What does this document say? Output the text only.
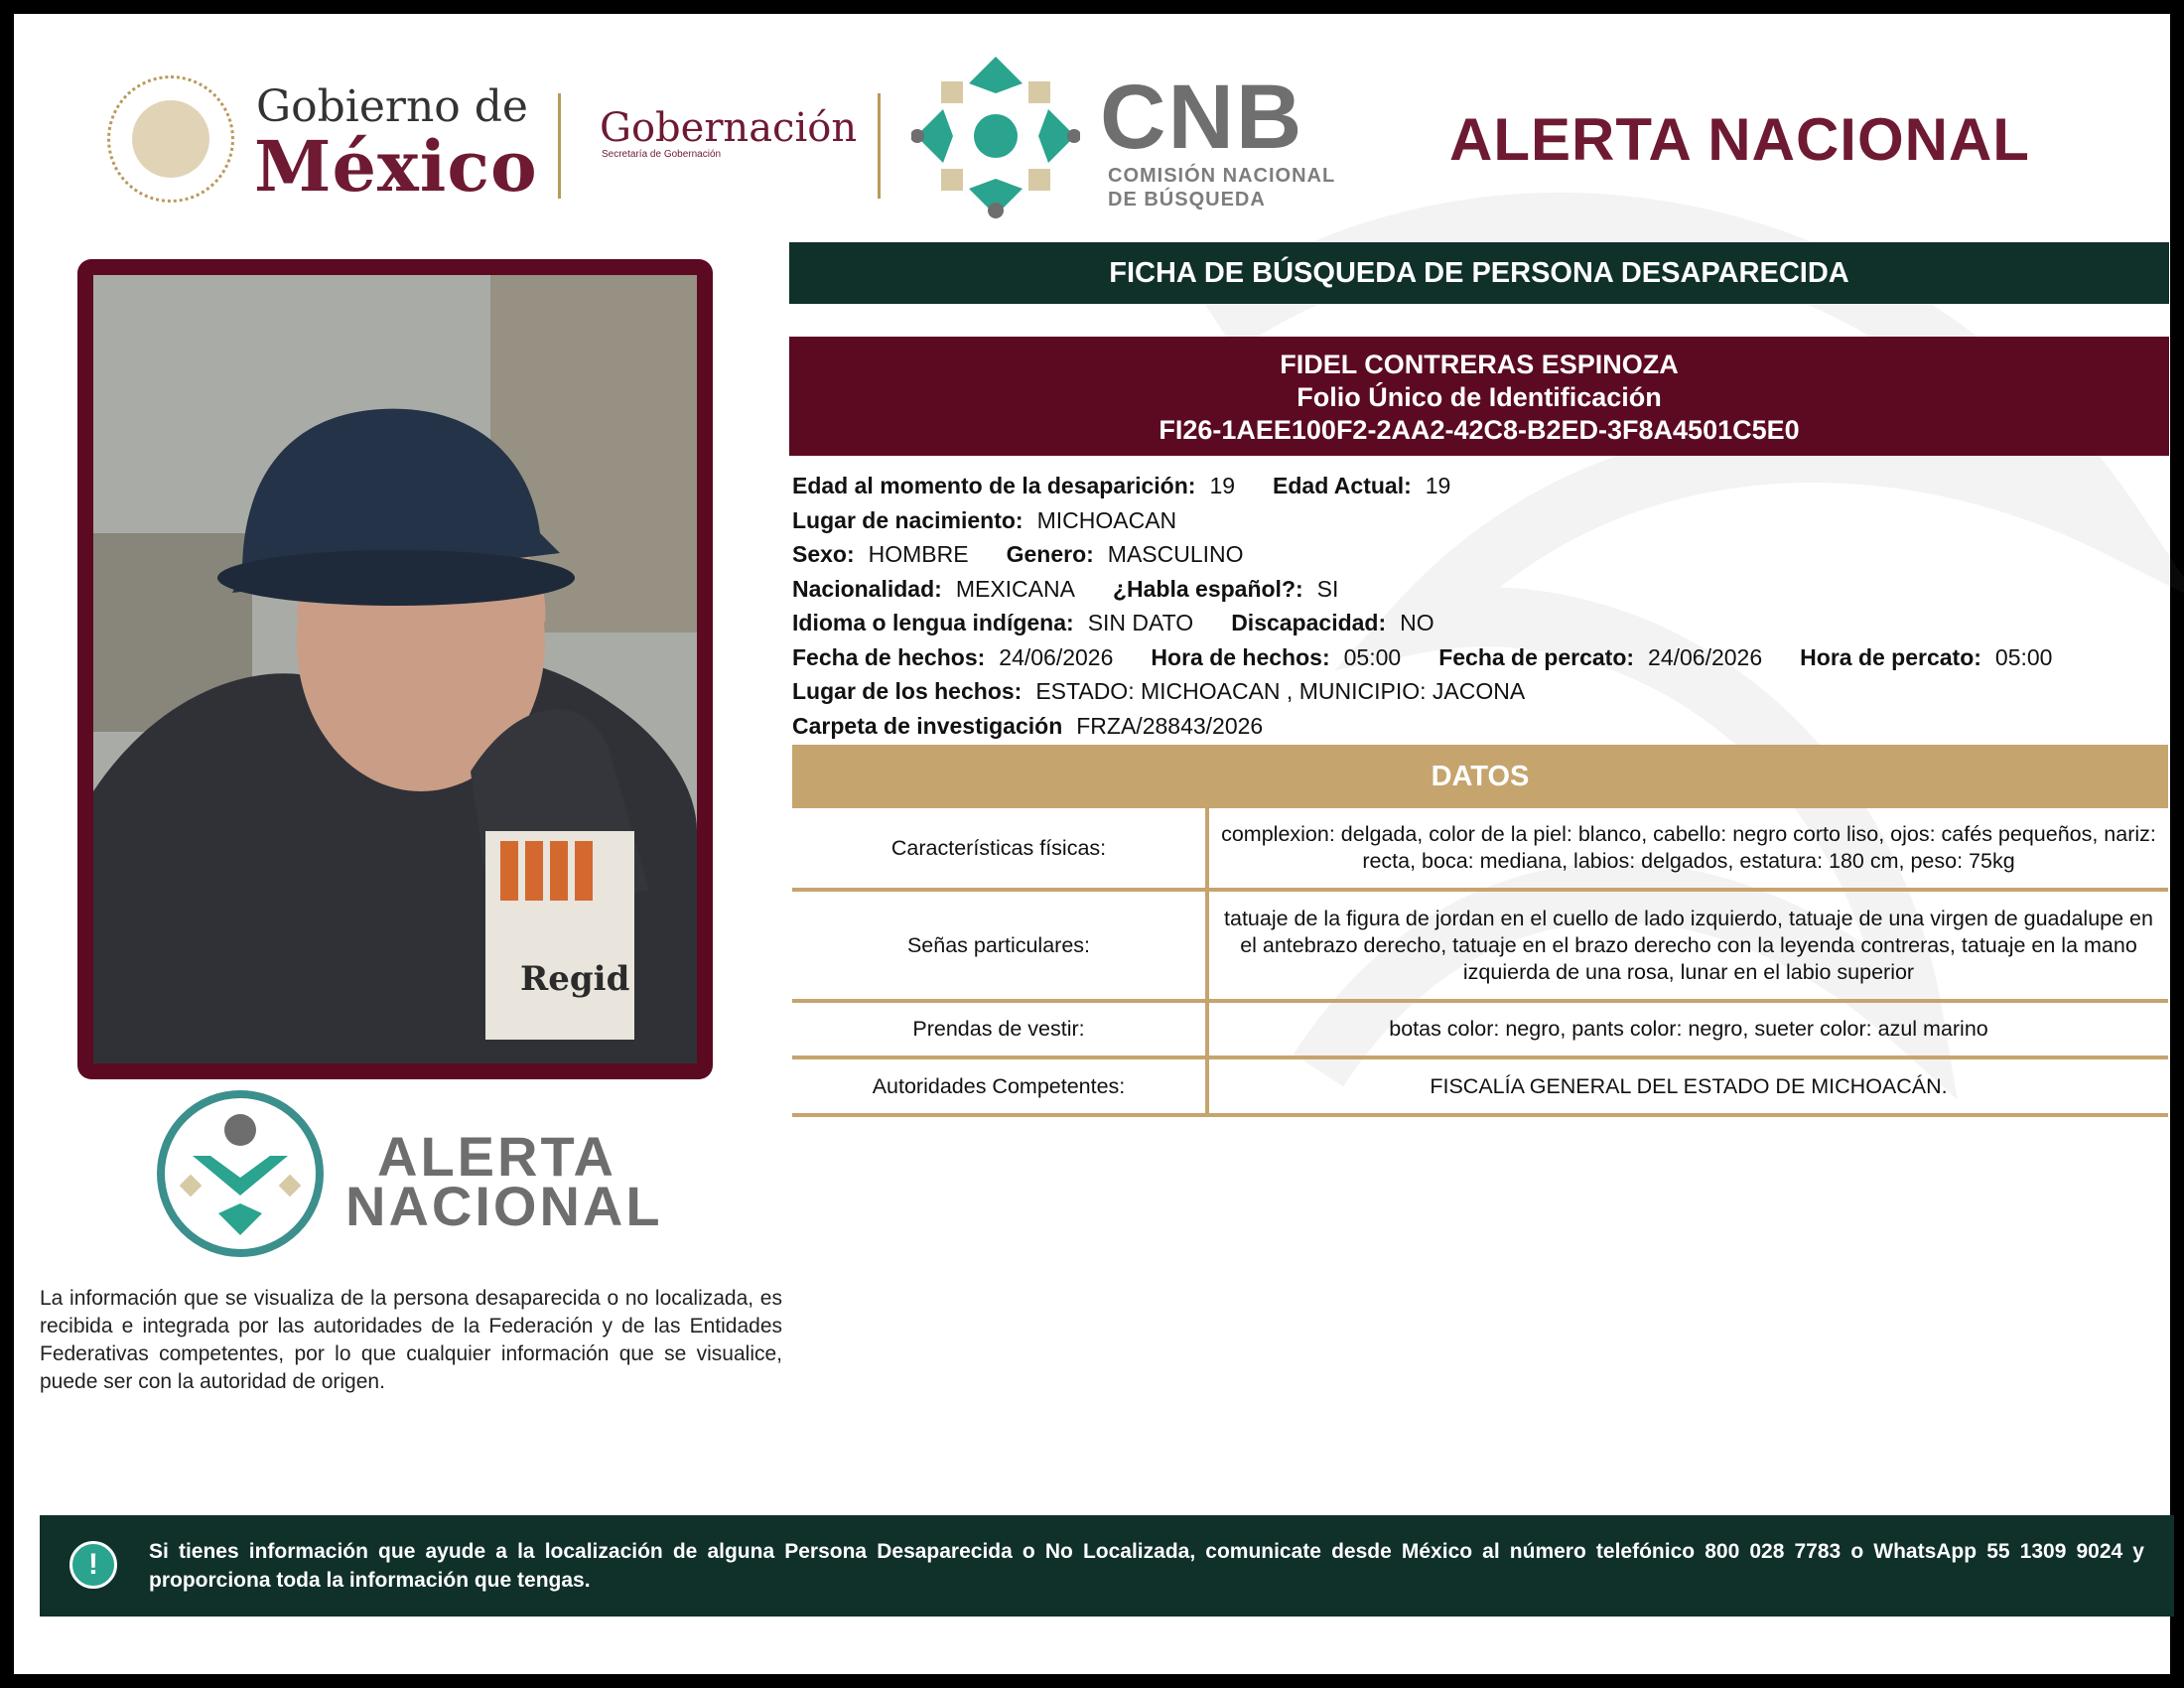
Gobierno de
México Gobernación
Secretaría de Gobernación	CNB
COMISIÓN NACIONAL
DE BÚSQUEDA
ALERTA NACIONAL
Regid
FICHA DE BÚSQUEDA DE PERSONA DESAPARECIDA
FIDEL CONTRERAS ESPINOZA
Folio Único de Identificación
FI26-1AEE100F2-2AA2-42C8-B2ED-3F8A4501C5E0
Edad al momento de la desaparición: 19 Edad Actual: 19
Lugar de nacimiento: MICHOACAN
Sexo: HOMBRE Genero: MASCULINO
Nacionalidad: MEXICANA ¿Habla español?: SI
Idioma o lengua indígena: SIN DATO Discapacidad: NO
Fecha de hechos: 24/06/2026 Hora de hechos: 05:00 Fecha de percato: 24/06/2026 Hora de percato: 05:00
Lugar de los hechos: ESTADO: MICHOACAN , MUNICIPIO: JACONA
Carpeta de investigación FRZA/28843/2026
DATOS
Características físicas:	complexion: delgada, color de la piel: blanco, cabello: negro corto liso, ojos: cafés pequeños, nariz: recta, boca: mediana, labios: delgados, estatura: 180 cm, peso: 75kg
Señas particulares:	tatuaje de la figura de jordan en el cuello de lado izquierdo, tatuaje de una virgen de guadalupe en el antebrazo derecho, tatuaje en el brazo derecho con la leyenda contreras, tatuaje en la mano izquierda de una rosa, lunar en el labio superior
Prendas de vestir:	botas color: negro, pants color: negro, sueter color: azul marino
Autoridades Competentes:	FISCALÍA GENERAL DEL ESTADO DE MICHOACÁN.
ALERTA
NACIONAL
La información que se visualiza de la persona desaparecida o no localizada, es recibida e integrada por las autoridades de la Federación y de las Entidades Federativas competentes, por lo que cualquier información que se visualice, puede ser con la autoridad de origen.
!	Si tienes información que ayude a la localización de alguna Persona Desaparecida o No Localizada, comunicate desde México al número telefónico 800 028 7783 o WhatsApp 55 1309 9024 y proporciona toda la información que tengas.
